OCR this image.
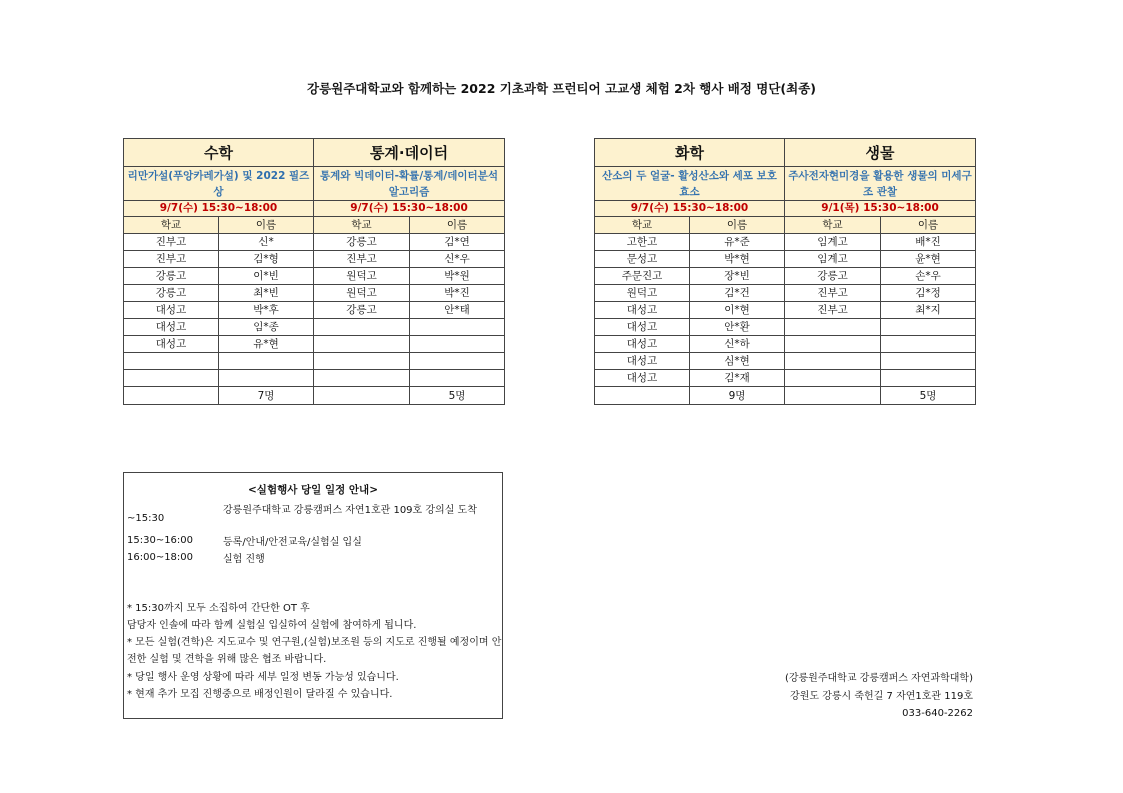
강릉원주대학교와 함께하는 2022 기초과학 프런티어 고교생 체험 2차 행사 배정 명단(최종)
수학		통계·데이터	
리만가설(푸앙카레가설) 및 2022 필즈상		통계와 빅데이터-확률/통계/데이터분석 알고리즘	
9/7(수) 15:30~18:00		9/7(수) 15:30~18:00	
학교	이름	학교	이름
진부고	신*	강릉고	김*연
진부고	김*형	진부고	신*우
강릉고	이*빈	원덕고	박*원
강릉고	최*빈	원덕고	박*진
대성고	박*후	강릉고	안*태
대성고	임*종		
대성고	유*현		

	7명		5명
화학		생물	
산소의 두 얼굴- 활성산소와 세포 보호 효소		주사전자현미경을 활용한 생물의 미세구조 관찰	
9/7(수) 15:30~18:00		9/1(목) 15:30~18:00	
학교	이름	학교	이름
고한고	유*준	임계고	배*진
문성고	박*현	임계고	윤*현
주문진고	장*빈	강릉고	손*우
원덕고	김*건	진부고	김*정
대성고	이*현	진부고	최*지
대성고	안*환		
대성고	신*하		
대성고	심*현		
대성고	김*재		
	9명		5명
<실험행사 당일 일정 안내>
~15:30
강릉원주대학교 강릉캠퍼스 자연1호관 109호 강의실 도착
15:30~16:00	등록/안내/안전교육/실험실 입실
16:00~18:00	실험 진행
* 15:30까지 모두 소집하여 간단한 OT 후
담당자 인솔에 따라 함께 실험실 입실하여 실험에 참여하게 됩니다.
* 모든 실험(견학)은 지도교수 및 연구원,(실험)보조원 등의 지도로 진행될 예정이며 안전한 실험 및 견학을 위해 많은 협조 바랍니다.
* 당일 행사 운영 상황에 따라 세부 일정 변동 가능성 있습니다.
* 현재 추가 모집 진행중으로 배정인원이 달라질 수 있습니다.
(강릉원주대학교 강릉캠퍼스 자연과학대학)
강원도 강릉시 죽헌길 7 자연1호관 119호
033-640-2262
